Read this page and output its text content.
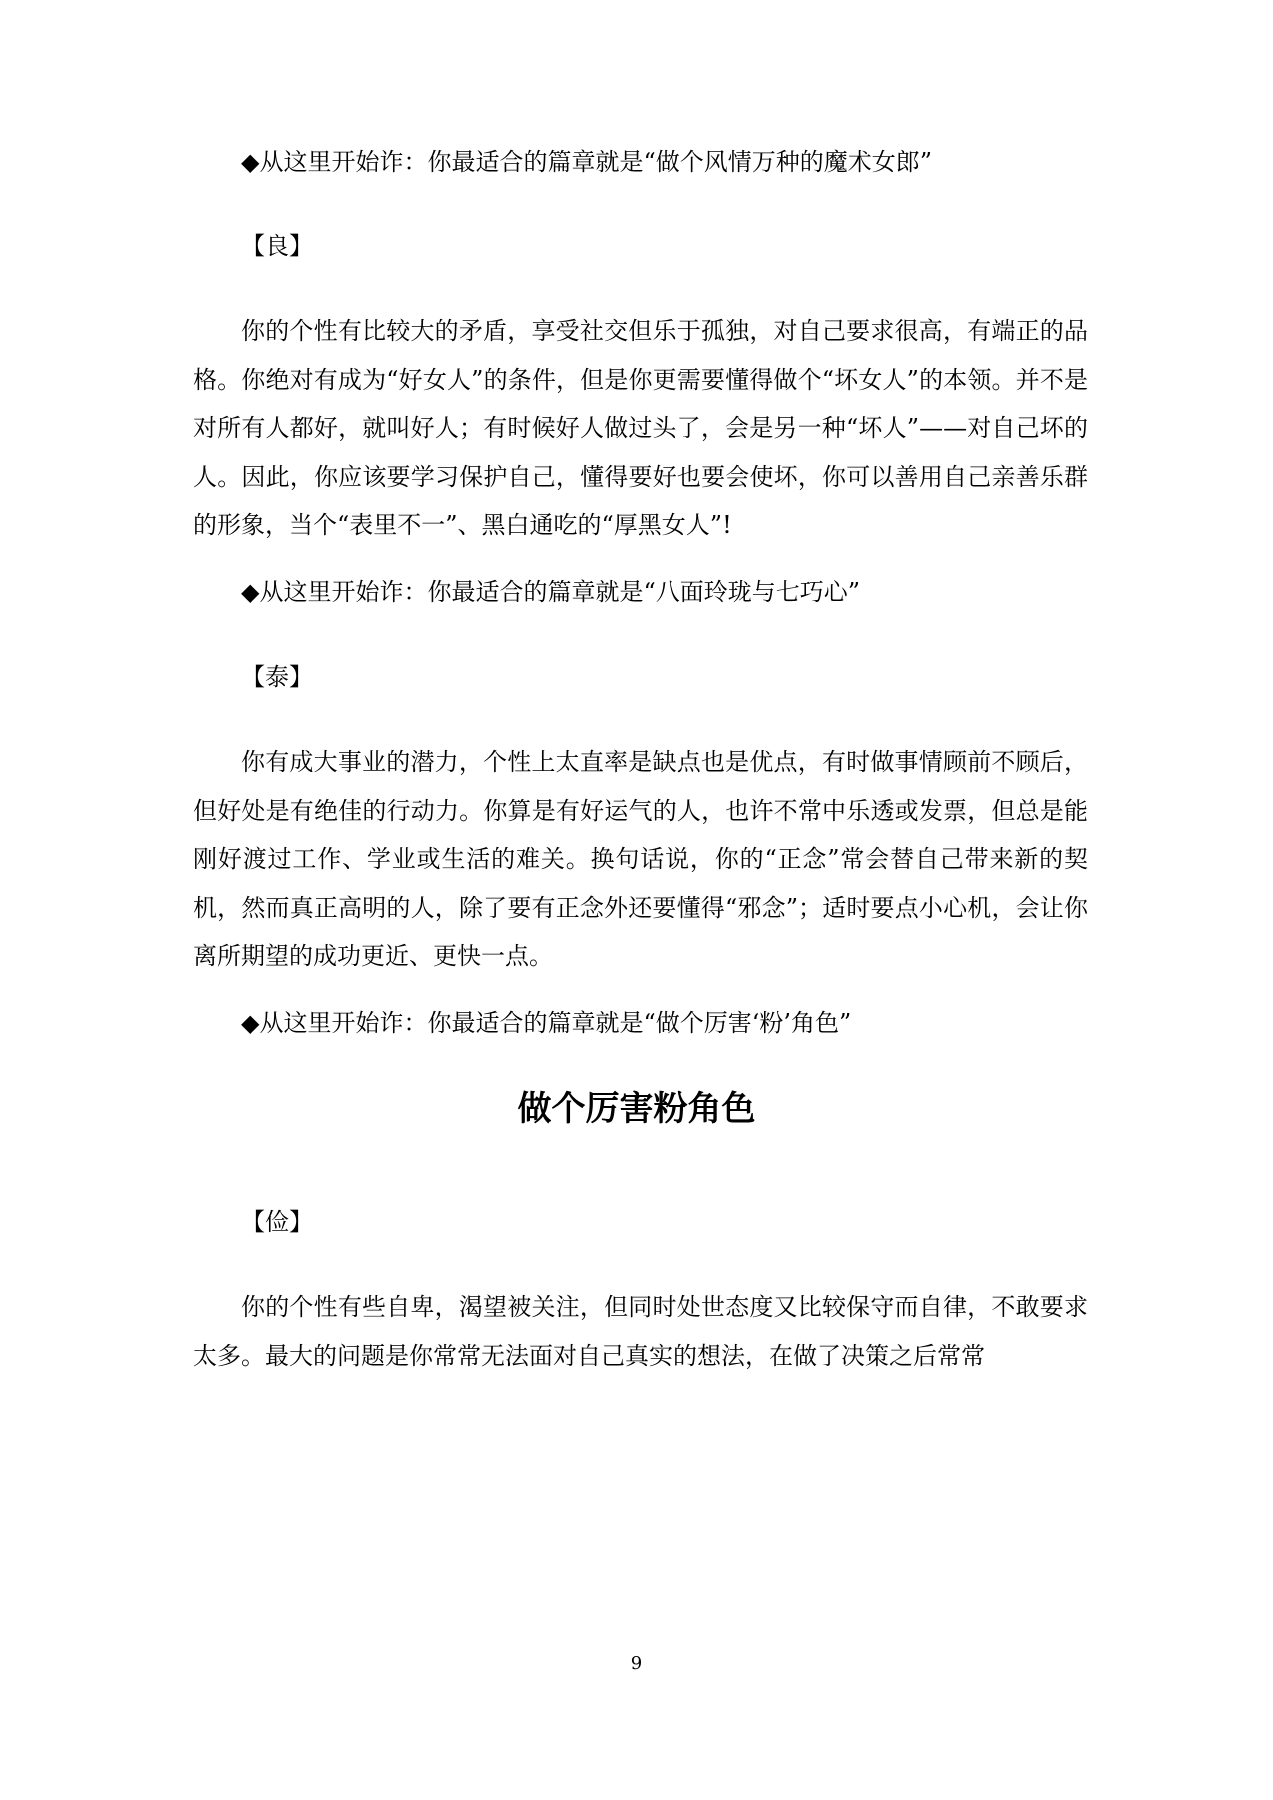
◆从这里开始诈：你最适合的篇章就是“做个风情万种的魔术女郎”

【良】

你的个性有比较大的矛盾，享受社交但乐于孤独，对自己要求很高，有端正的品格。你绝对有成为“好女人”的条件，但是你更需要懂得做个“坏女人”的本领。并不是对所有人都好，就叫好人；有时候好人做过头了，会是另一种“坏人”——对自己坏的人。因此，你应该要学习保护自己，懂得要好也要会使坏，你可以善用自己亲善乐群的形象，当个“表里不一”、黑白通吃的“厚黑女人”!

◆从这里开始诈：你最适合的篇章就是“八面玲珑与七巧心”

【泰】

你有成大事业的潜力，个性上太直率是缺点也是优点，有时做事情顾前不顾后，但好处是有绝佳的行动力。你算是有好运气的人，也许不常中乐透或发票，但总是能刚好渡过工作、学业或生活的难关。换句话说，你的“正念”常会替自己带来新的契机，然而真正高明的人，除了要有正念外还要懂得“邪念”；适时要点小心机，会让你离所期望的成功更近、更快一点。

◆从这里开始诈：你最适合的篇章就是“做个厉害‘粉’角色”

做个厉害粉角色

【俭】

你的个性有些自卑，渴望被关注，但同时处世态度又比较保守而自律，不敢要求太多。最大的问题是你常常无法面对自己真实的想法，在做了决策之后常常

9
